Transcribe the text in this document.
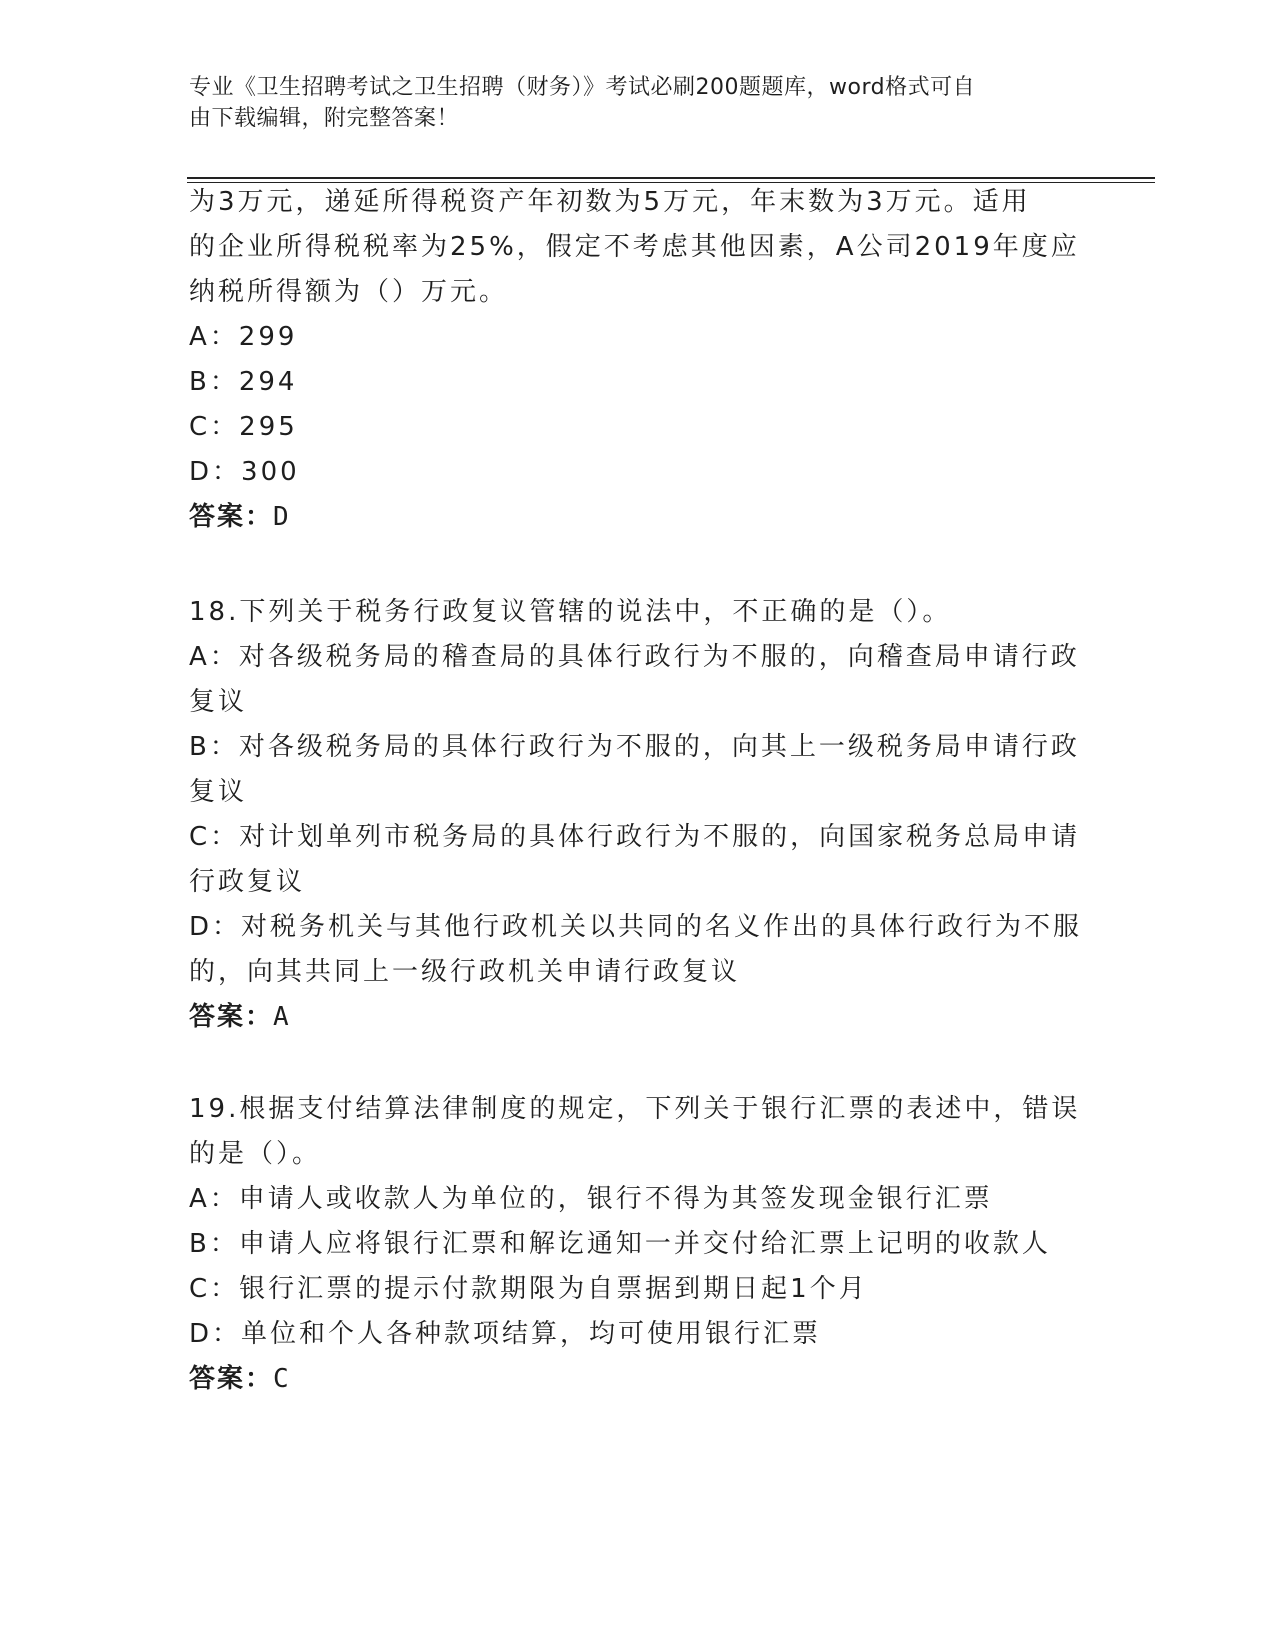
专业《卫生招聘考试之卫生招聘（财务）》考试必刷200题题库，word格式可自
由下载编辑，附完整答案！
为3万元，递延所得税资产年初数为5万元，年末数为3万元。适用
的企业所得税税率为25%，假定不考虑其他因素，A公司2019年度应
纳税所得额为（）万元。
A：299
B：294
C：295
D：300
答案：D
18.下列关于税务行政复议管辖的说法中，不正确的是（）。
A：对各级税务局的稽查局的具体行政行为不服的，向稽查局申请行政
复议
B：对各级税务局的具体行政行为不服的，向其上一级税务局申请行政
复议
C：对计划单列市税务局的具体行政行为不服的，向国家税务总局申请
行政复议
D：对税务机关与其他行政机关以共同的名义作出的具体行政行为不服
的，向其共同上一级行政机关申请行政复议
答案：A
19.根据支付结算法律制度的规定，下列关于银行汇票的表述中，错误
的是（）。
A：申请人或收款人为单位的，银行不得为其签发现金银行汇票
B：申请人应将银行汇票和解讫通知一并交付给汇票上记明的收款人
C：银行汇票的提示付款期限为自票据到期日起1个月
D：单位和个人各种款项结算，均可使用银行汇票
答案：C
